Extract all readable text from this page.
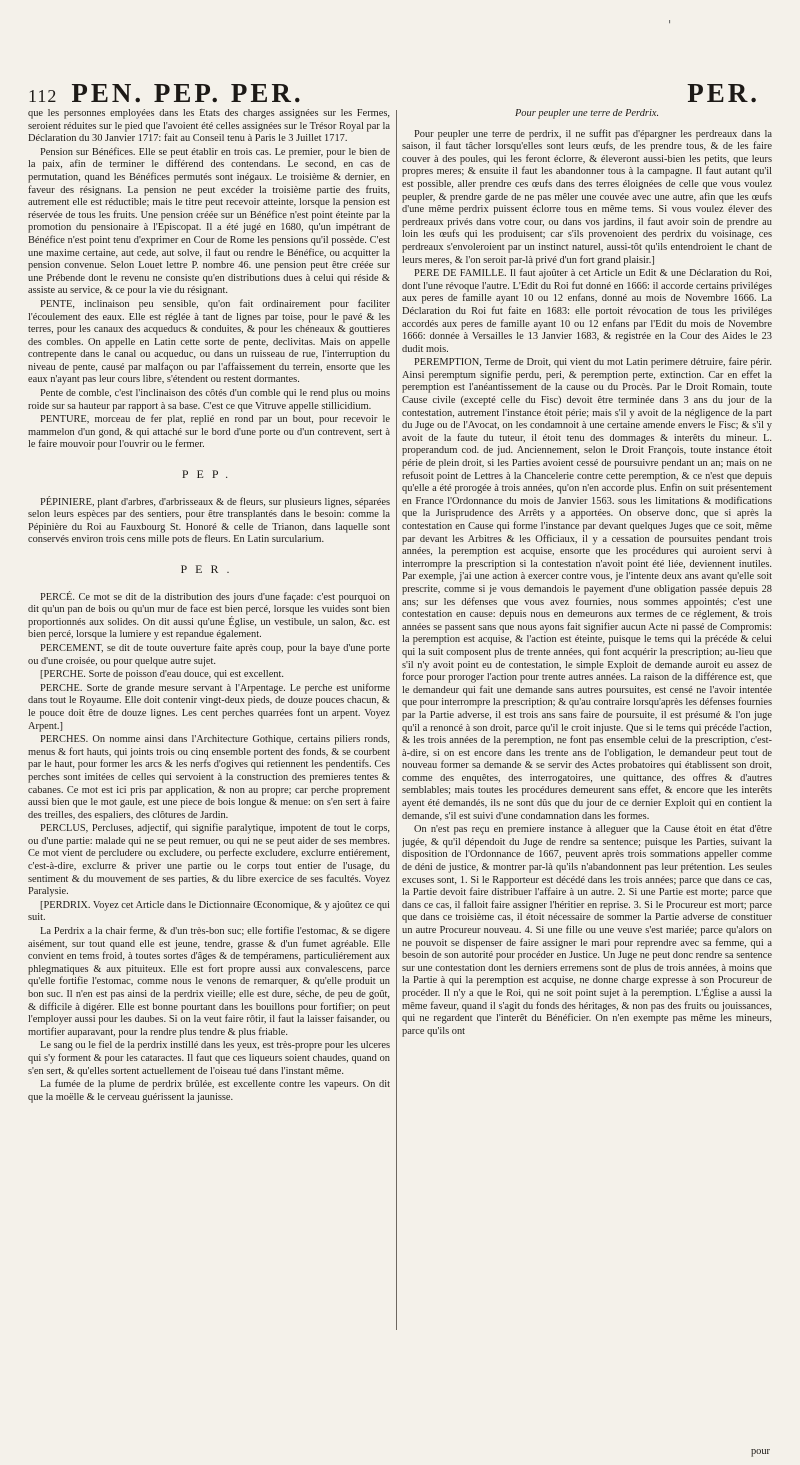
'
112 PEN. PEP. PER.	PER.

que les personnes employées dans les États des charges assignées sur les Fermes, seroient réduites sur le pied que l'avoient été celles assignées sur le Trésor Royal par la Déclaration du 30 Janvier 1717: fait au Conseil tenu à Paris le 3 Juillet 1717.

Pension sur Bénéfices. Elle se peut établir en trois cas. Le premier, pour le bien de la paix, afin de terminer le différend des contendans. Le second, en cas de permutation, quand les Bénéfices permutés sont inégaux. Le troisième & dernier, en faveur des résignans. La pension ne peut excéder la troisième partie des fruits, autrement elle est réductible; mais le titre peut recevoir atteinte, lorsque la pension est réservée de tous les fruits. Une pension créée sur un Bénéfice n'est point éteinte par la promotion du pensionaire à l'Episcopat. Il a été jugé en 1680, qu'un impétrant de Bénéfice n'est point tenu d'exprimer en Cour de Rome les pensions qu'il possède. C'est une maxime certaine, aut cede, aut solve, il faut ou rendre le Bénéfice, ou acquitter la pension convenue. Selon Louet lettre P. nombre 46. une pension peut être créée sur une Prébende dont le revenu ne consiste qu'en distributions dues à celui qui réside & assiste au service, & ce pour la vie du résignant.

PENTE, inclinaison peu sensible, qu'on fait ordinairement pour faciliter l'écoulement des eaux. Elle est réglée à tant de lignes par toise, pour le pavé & les terres, pour les canaux des acqueducs & conduites, & pour les chéneaux & gouttieres des combles. On appelle en Latin cette sorte de pente, declivitas. Mais on appelle contrepente dans le canal ou acqueduc, ou dans un ruisseau de rue, l'interruption du niveau de pente, causé par malfaçon ou par l'affaissement du terrein, ensorte que les eaux n'ayant pas leur cours libre, s'étendent ou restent dormantes.

Pente de comble, c'est l'inclinaison des côtés d'un comble qui le rend plus ou moins roide sur sa hauteur par rapport à sa base. C'est ce que Vitruve appelle stillicidium.

PENTURE, morceau de fer plat, replié en rond par un bout, pour recevoir le mammelon d'un gond, & qui attaché sur le bord d'une porte ou d'un contrevent, sert à le faire mouvoir pour l'ouvrir ou le fermer.

PEP.

PÉPINIERE, plant d'arbres, d'arbrisseaux & de fleurs, sur plusieurs lignes, séparées selon leurs espèces par des sentiers, pour être transplantés dans le besoin: comme la Pépinière du Roi au Fauxbourg St. Honoré & celle de Trianon, dans laquelle sont conservés environ trois cens mille pots de fleurs. En Latin surcularium.

PER.

PERCÉ. Ce mot se dit de la distribution des jours d'une façade: c'est pourquoi on dit qu'un pan de bois ou qu'un mur de face est bien percé, lorsque les vuides sont bien proportionnés aux solides. On dit aussi qu'une Église, un vestibule, un salon, &c. est bien percé, lorsque la lumiere y est repandue également.

PERCEMENT, se dit de toute ouverture faite après coup, pour la baye d'une porte ou d'une croisée, ou pour quelque autre sujet.

[PERCHE. Sorte de poisson d'eau douce, qui est excellent.

PERCHE. Sorte de grande mesure servant à l'Arpentage. Le perche est uniforme dans tout le Royaume. Elle doit contenir vingt-deux pieds, de douze pouces chacun, & le pouce doit être de douze lignes. Les cent perches quarrées font un arpent. Voyez Arpent.]

PERCHES. On nomme ainsi dans l'Architecture Gothique, certains piliers ronds, menus & fort hauts, qui joints trois ou cinq ensemble portent des fonds, & se courbent par le haut, pour former les arcs & les nerfs d'ogives qui retiennent les pendentifs. Ces perches sont imitées de celles qui servoient à la construction des premieres tentes & cabanes. Ce mot est ici pris par application, & non au propre; car perche proprement aussi bien que le mot gaule, est une piece de bois longue & menue: on s'en sert à faire des treilles, des espaliers, des clôtures de Jardin.

PERCLUS, Percluses, adjectif, qui signifie paralytique, impotent de tout le corps, ou d'une partie: malade qui ne se peut remuer, ou qui ne se peut aider de ses membres. Ce mot vient de percludere ou excludere, ou perfecte excludere, exclurre entiérement, c'est-à-dire, exclurre & priver une partie ou le corps tout entier de l'usage, du sentiment & du mouvement de ses parties, & du libre exercice de ses facultés. Voyez Paralysie.

[PERDRIX. Voyez cet Article dans le Dictionnaire Œconomique, & y ajoûtez ce qui suit.

La Perdrix a la chair ferme, & d'un très-bon suc; elle fortifie l'estomac, & se digere aisément, sur tout quand elle est jeune, tendre, grasse & d'un fumet agréable. Elle convient en tems froid, à toutes sortes d'âges & de tempéramens, particuliérement aux phlegmatiques & aux pituiteux. Elle est fort propre aussi aux convalescens, parce qu'elle fortifie l'estomac, comme nous le venons de remarquer, & qu'elle produit un bon suc. Il n'en est pas ainsi de la perdrix vieille; elle est dure, séche, de peu de goût, & difficile à digérer. Elle est bonne pourtant dans les bouillons pour fortifier; on peut l'employer aussi pour les daubes. Si on la veut faire rôtir, il faut la laisser faisander, ou mortifier auparavant, pour la rendre plus tendre & plus friable.

Le sang ou le fiel de la perdrix instillé dans les yeux, est très-propre pour les ulceres qui s'y forment & pour les cataractes. Il faut que ces liqueurs soient chaudes, quand on s'en sert, & qu'elles sortent actuellement de l'oiseau tué dans l'instant même.

La fumée de la plume de perdrix brûlée, est excellente contre les vapeurs. On dit que la moëlle & le cerveau guérissent la jaunisse.

Pour peupler une terre de Perdrix.

Pour peupler une terre de perdrix, il ne suffit pas d'épargner les perdreaux dans la saison, il faut tâcher lorsqu'elles sont leurs œufs, de les prendre tous, & de les faire couver à des poules, qui les feront éclorre, & éleveront aussi-bien les petits, que leurs propres meres; & ensuite il faut les abandonner tous à la campagne. Il faut autant qu'il est possible, aller prendre ces œufs dans des terres éloignées de celle que vous voulez peupler, & prendre garde de ne pas mêler une couvée avec une autre, afin que les œufs d'une même perdrix puissent éclorre tous en même tems. Si vous voulez élever des perdreaux privés dans votre cour, ou dans vos jardins, il faut avoir soin de prendre au loin les œufs qui les produisent; car s'ils provenoient des perdrix du voisinage, ces perdreaux s'envoleroient par un instinct naturel, aussi-tôt qu'ils entendroient le chant de leurs meres, & l'on seroit par-là privé d'un fort grand plaisir.]

PERE DE FAMILLE. Il faut ajoûter à cet Article un Edit & une Déclaration du Roi, dont l'une révoque l'autre. L'Edit du Roi fut donné en 1666: il accorde certains priviléges aux peres de famille ayant 10 ou 12 enfans, donné au mois de Novembre 1666. La Déclaration du Roi fut faite en 1683: elle portoit révocation de tous les priviléges accordés aux peres de famille ayant 10 ou 12 enfans par l'Edit du mois de Novembre 1666: donnée à Versailles le 13 Janvier 1683, & registrée en la Cour des Aides le 23 dudit mois.

PEREMPTION, Terme de Droit, qui vient du mot Latin perimere détruire, faire périr. Ainsi peremptum signifie perdu, peri, & peremption perte, extinction. Car en effet la peremption est l'anéantissement de la cause ou du Procès. Par le Droit Romain, toute Cause civile (excepté celle du Fisc) devoit être terminée dans 3 ans du jour de la contestation, autrement l'instance étoit périe; mais s'il y avoit de la négligence de la part du Juge ou de l'Avocat, on les condamnoit à une certaine amende envers le Fisc; & s'il y avoit de la faute du tuteur, il étoit tenu des dommages & interêts du mineur. L. properandum cod. de jud. Anciennement, selon le Droit François, toute instance étoit périe de plein droit, si les Parties avoient cessé de poursuivre pendant un an; mais on ne refusoit point de Lettres à la Chancelerie contre cette peremption, & ce n'est que depuis qu'elle a été prorogée à trois années, qu'on n'en accorde plus. Enfin on suit présentement en France l'Ordonnance du mois de Janvier 1563. sous les limitations & modifications que la Jurisprudence des Arrêts y a apportées. On observe donc, que si après la contestation en Cause qui forme l'instance par devant quelques Juges que ce soit, même par devant les Arbitres & les Officiaux, il y a cessation de poursuites pendant trois années, la peremption est acquise, ensorte que les procédures qui auroient servi à interrompre la prescription si la contestation n'avoit point été liée, deviennent inutiles. Par exemple, j'ai une action à exercer contre vous, je l'intente deux ans avant qu'elle soit prescrite, comme si je vous demandois le payement d'une obligation passée depuis 28 ans; sur les défenses que vous avez fournies, nous sommes appointés; c'est une contestation en cause: depuis nous en demeurons aux termes de ce réglement, & trois années se passent sans que nous ayons fait signifier aucun Acte ni passé de Compromis: la peremption est acquise, & l'action est éteinte, puisque le tems qui la précéde & celui qui la suit composent plus de trente années, qui font acquérir la prescription; au-lieu que s'il n'y avoit point eu de contestation, le simple Exploit de demande auroit eu assez de force pour proroger l'action pour trente autres années. La raison de la différence est, que le demandeur qui fait une demande sans autres poursuites, est censé ne l'avoir intentée que pour interrompre la prescription; & qu'au contraire lorsqu'après les défenses fournies par la Partie adverse, il est trois ans sans faire de poursuite, il est présumé & l'on juge qu'il a renoncé à son droit, parce qu'il le croit injuste. Que si le tems qui précéde l'action, & les trois années de la peremption, ne font pas ensemble celui de la prescription, c'est-à-dire, si on est encore dans les trente ans de l'obligation, le demandeur peut tout de nouveau former sa demande & se servir des Actes probatoires qui établissent son droit, comme des enquêtes, des interrogatoires, une quittance, des offres & d'autres semblables; mais toutes les procédures demeurent sans effet, & encore que les interêts ayent été demandés, ils ne sont dûs que du jour de ce dernier Exploit qui en contient la demande, s'il est suivi d'une condamnation dans les formes.

On n'est pas reçu en premiere instance à alleguer que la Cause étoit en état d'être jugée, & qu'il dépendoit du Juge de rendre sa sentence; puisque les Parties, suivant la disposition de l'Ordonnance de 1667, peuvent après trois sommations appeller comme de déni de justice, & montrer par-là qu'ils n'abandonnent pas leur prétention. Les seules excuses sont, 1. Si le Rapporteur est décédé dans les trois années; parce que dans ce cas, la Partie devoit faire distribuer l'affaire à un autre. 2. Si une Partie est morte; parce que dans ce cas, il falloit faire assigner l'héritier en reprise. 3. Si le Procureur est mort; parce que dans ce troisième cas, il étoit nécessaire de sommer la Partie adverse de constituer un autre Procureur nouveau. 4. Si une fille ou une veuve s'est mariée; parce qu'alors on ne pouvoit se dispenser de faire assigner le mari pour reprendre avec sa femme, qui a besoin de son autorité pour procéder en Justice. Un Juge ne peut donc rendre sa sentence sur une contestation dont les derniers erremens sont de plus de trois années, à moins que la Partie à qui la peremption est acquise, ne donne charge expresse à son Procureur de procéder. Il n'y a que le Roi, qui ne soit point sujet à la peremption. L'Église a aussi la même faveur, quand il s'agit du fonds des héritages, & non pas des fruits ou jouissances, qui ne regardent que l'interêt du Bénéficier. On n'en exempte pas même les mineurs, parce qu'ils ont

pour
